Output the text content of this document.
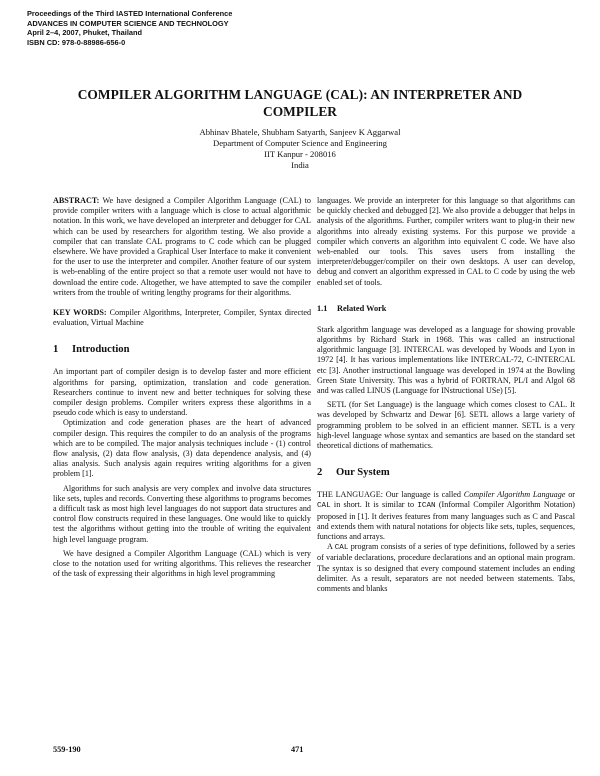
Proceedings of the Third IASTED International Conference
ADVANCES IN COMPUTER SCIENCE AND TECHNOLOGY
April 2–4, 2007, Phuket, Thailand
ISBN CD: 978-0-88986-656-0
COMPILER ALGORITHM LANGUAGE (CAL): AN INTERPRETER AND
COMPILER
Abhinav Bhatele, Shubham Satyarth, Sanjeev K Aggarwal
Department of Computer Science and Engineering
IIT Kanpur - 208016
India

ABSTRACT: We have designed a Compiler Algorithm Language (CAL) to provide compiler writers with a language which is close to actual algorithmic notation. In this work, we have developed an interpreter and debugger for CAL which can be used by researchers for algorithm testing. We also provide a compiler that can translate CAL programs to C code which can be plugged elsewhere. We have provided a Graphical User Interface to make it convenient for the user to use the interpreter and compiler. Another feature of our system is web-enabling of the entire project so that a remote user would not have to download the entire code. Altogether, we have attempted to save the compiler writers from the trouble of writing lengthy programs for their algorithms.

KEY WORDS: Compiler Algorithms, Interpreter, Compiler, Syntax directed evaluation, Virtual Machine

1 Introduction

An important part of compiler design is to develop faster and more efficient algorithms for parsing, optimization, translation and code generation. Researchers continue to invent new and better techniques for solving these compiler design problems. Compiler writers express these algorithms in a pseudo code which is easy to understand.

Optimization and code generation phases are the heart of advanced compiler design. This requires the compiler to do an analysis of the programs which are to be compiled. The major analysis techniques include - (1) control flow analysis, (2) data flow analysis, (3) data dependence analysis, and (4) alias analysis. Such analysis again requires writing algorithms for a given problem [1].

Algorithms for such analysis are very complex and involve data structures like sets, tuples and records. Converting these algorithms to programs becomes a difficult task as most high level languages do not support data structures and control flow constructs required in these languages. One would like to quickly test the algorithms without getting into the trouble of writing the equivalent high level language program.

We have designed a Compiler Algorithm Language (CAL) which is very close to the notation used for writing algorithms. This relieves the researcher of the task of expressing their algorithms in high level programming

languages. We provide an interpreter for this language so that algorithms can be quickly checked and debugged [2]. We also provide a debugger that helps in analysis of the algorithms. Further, compiler writers want to plug-in their new algorithms into already existing systems. For this purpose we provide a compiler which converts an algorithm into equivalent C code. We have also web-enabled our tools. This saves users from installing the interpreter/debugger/compiler on their own desktops. A user can develop, debug and convert an algorithm expressed in CAL to C code by using the web enabled set of tools.

1.1 Related Work

Stark algorithm language was developed as a language for showing provable algorithms by Richard Stark in 1968. This was called an instructional algorithmic language [3]. INTERCAL was developed by Woods and Lyon in 1972 [4]. It has various implementations like INTERCAL-72, C-INTERCAL etc [3]. Another instructional language was developed in 1974 at the Bowling Green State University. This was a hybrid of FORTRAN, PL/I and Algol 68 and was called LINUS (Language for INstructional USe) [5].

SETL (for Set Language) is the language which comes closest to CAL. It was developed by Schwartz and Dewar [6]. SETL allows a large variety of programming problem to be solved in an efficient manner. SETL is a very high-level language whose syntax and semantics are based on the standard set theoretical dictions of mathematics.

2 Our System

THE LANGUAGE: Our language is called Compiler Algorithm Language or CAL in short. It is similar to ICAN (Informal Compiler Algorithm Notation) proposed in [1]. It derives features from many languages such as C and Pascal and extends them with natural notations for objects like sets, tuples, sequences, functions and arrays.

A CAL program consists of a series of type definitions, followed by a series of variable declarations, procedure declarations and an optional main program. The syntax is so designed that every compound statement includes an ending delimiter. As a result, separators are not needed between statements. Tabs, comments and blanks

559-190	471
